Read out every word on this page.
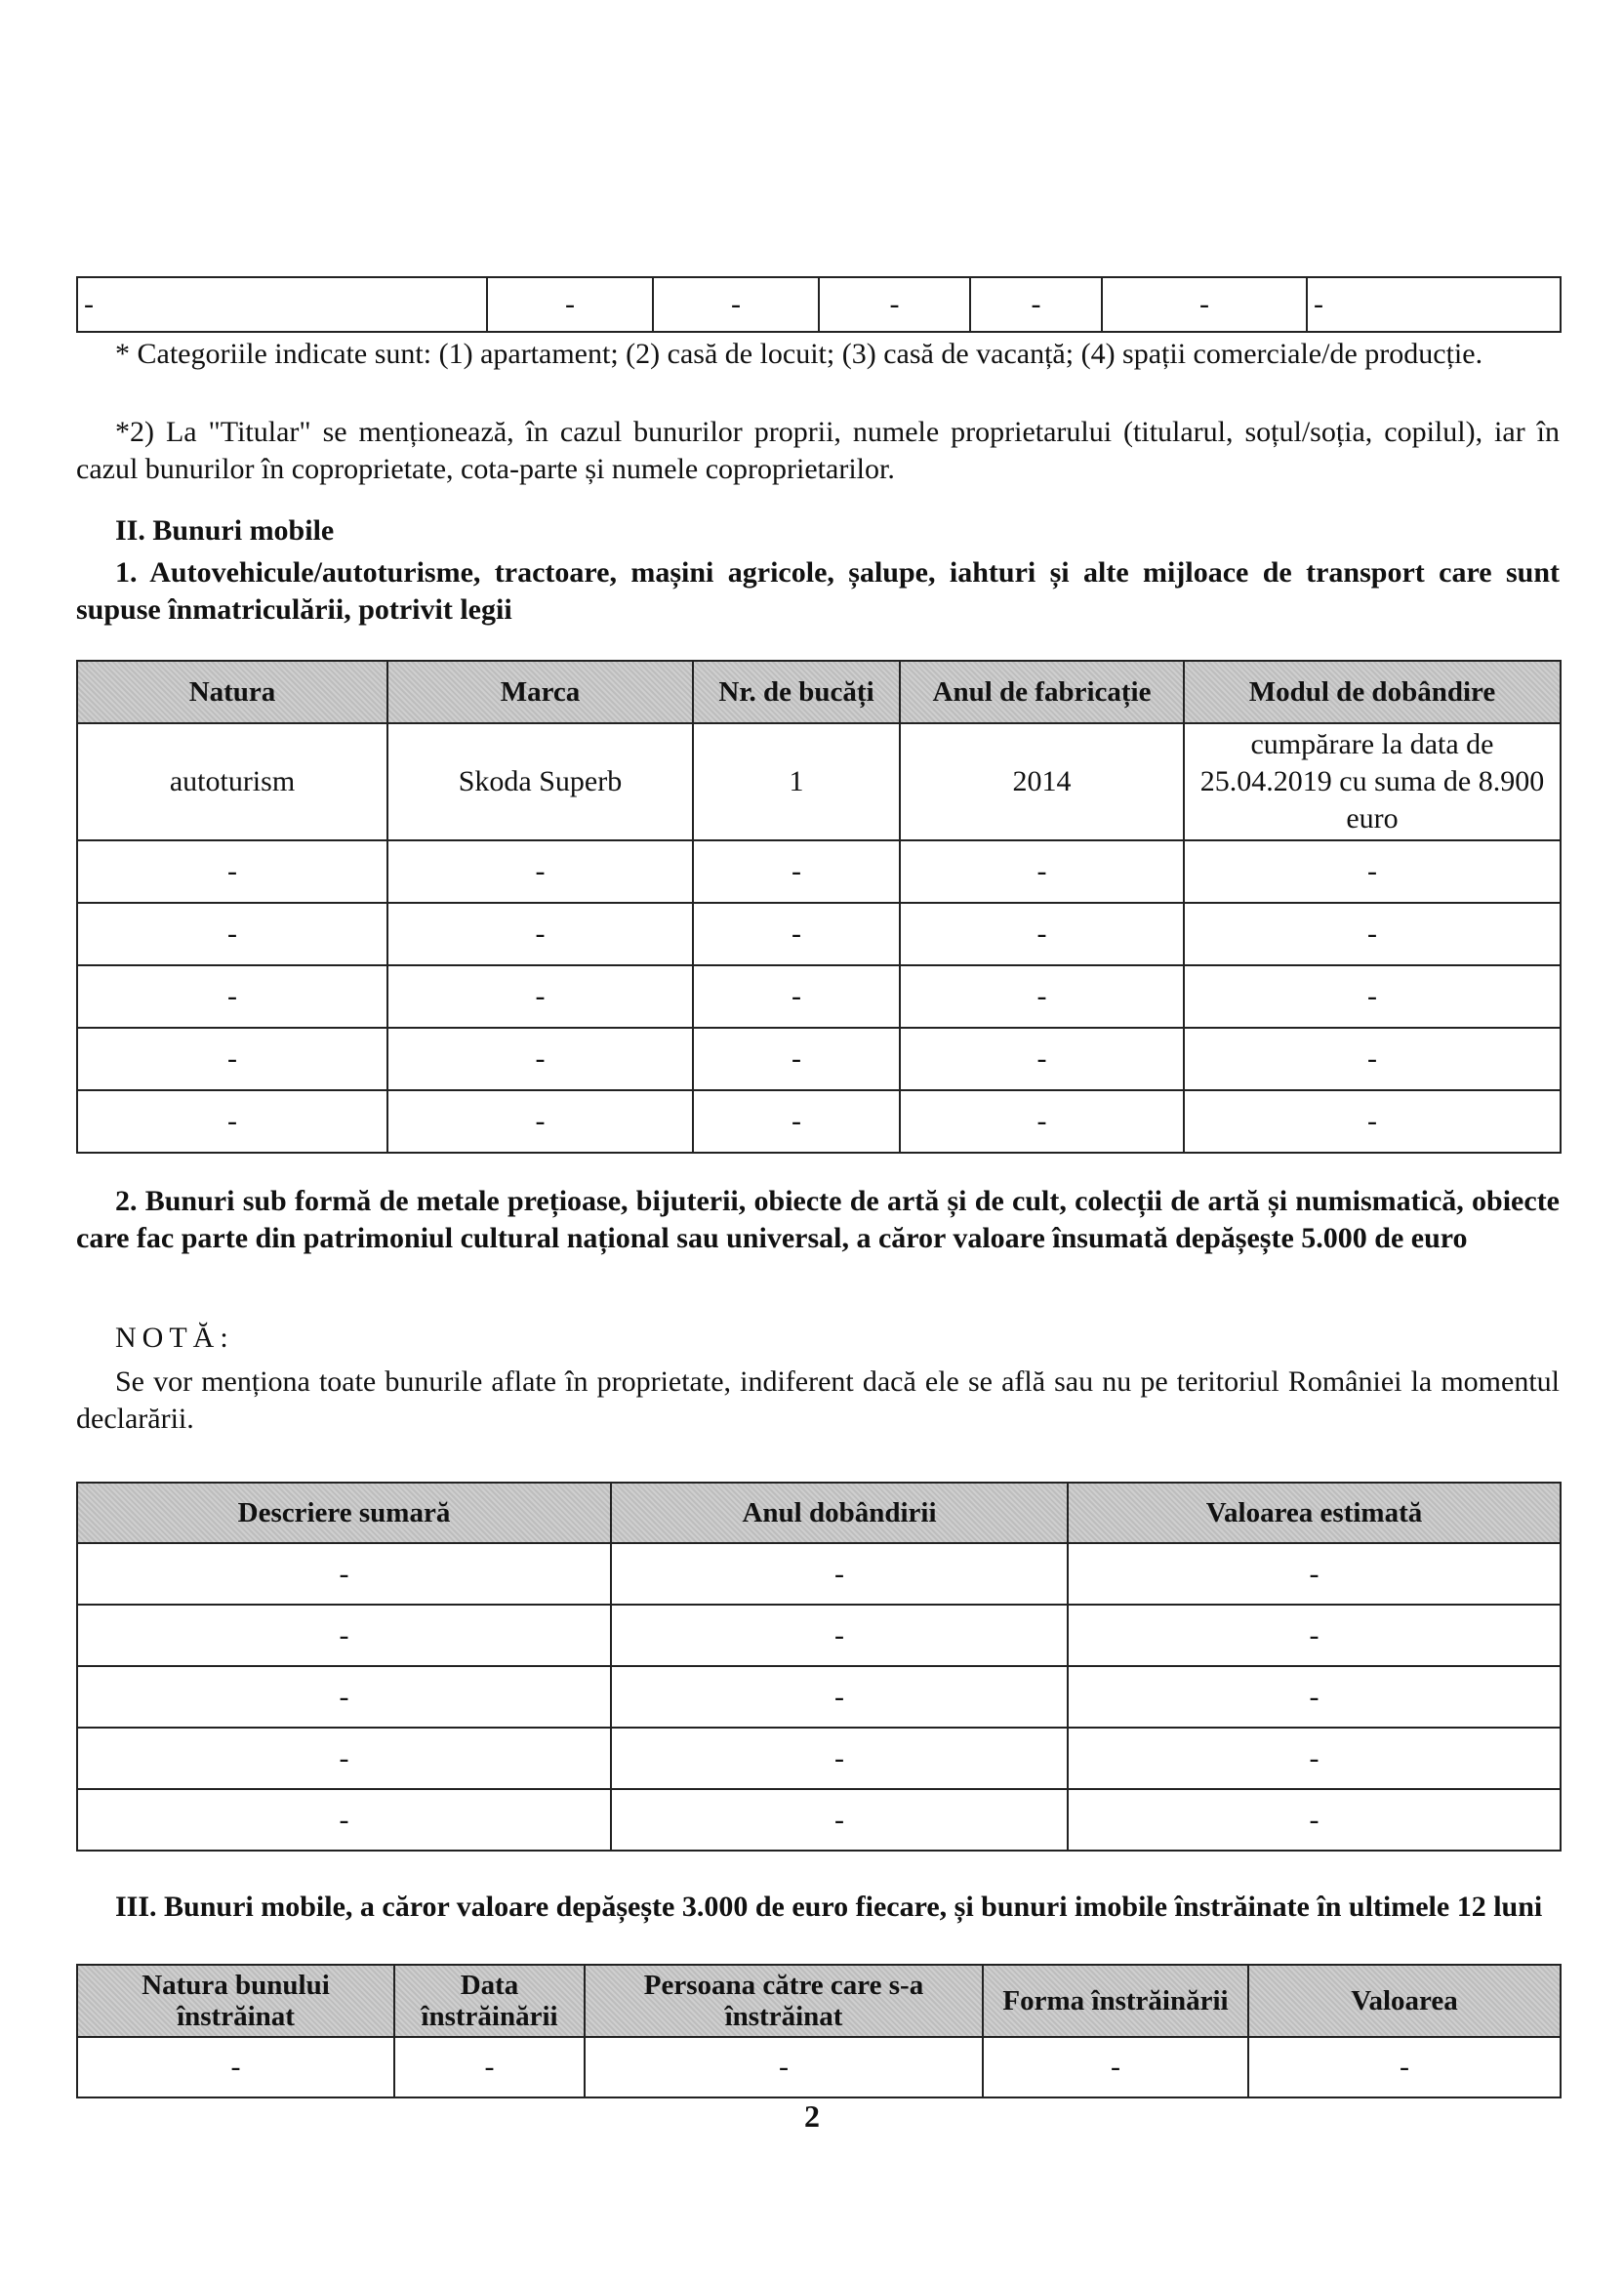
-	-	-	-	-	-	-
* Categoriile indicate sunt: (1) apartament; (2) casă de locuit; (3) casă de vacanță; (4) spații comerciale/de producție.
*2) La "Titular" se menționează, în cazul bunurilor proprii, numele proprietarului (titularul, soțul/soția, copilul), iar în cazul bunurilor în coproprietate, cota-parte și numele coproprietarilor.
II. Bunuri mobile
1. Autovehicule/autoturisme, tractoare, mașini agricole, șalupe, iahturi și alte mijloace de transport care sunt supuse înmatriculării, potrivit legii
Natura	Marca	Nr. de bucăți	Anul de fabricație	Modul de dobândire
autoturism	Skoda Superb	1	2014	cumpărare la data de 25.04.2019 cu suma de 8.900 euro
-	-	-	-	-
-	-	-	-	-
-	-	-	-	-
-	-	-	-	-
-	-	-	-	-
2. Bunuri sub formă de metale prețioase, bijuterii, obiecte de artă și de cult, colecții de artă și numismatică, obiecte care fac parte din patrimoniul cultural național sau universal, a căror valoare însumată depășește 5.000 de euro
NOTĂ:
Se vor menționa toate bunurile aflate în proprietate, indiferent dacă ele se află sau nu pe teritoriul României la momentul declarării.
Descriere sumară	Anul dobândirii	Valoarea estimată
-	-	-
-	-	-
-	-	-
-	-	-
-	-	-
III. Bunuri mobile, a căror valoare depășește 3.000 de euro fiecare, și bunuri imobile înstrăinate în ultimele 12 luni
Natura bunului înstrăinat	Data înstrăinării	Persoana către care s-a înstrăinat	Forma înstrăinării	Valoarea
-	-	-	-	-
2
